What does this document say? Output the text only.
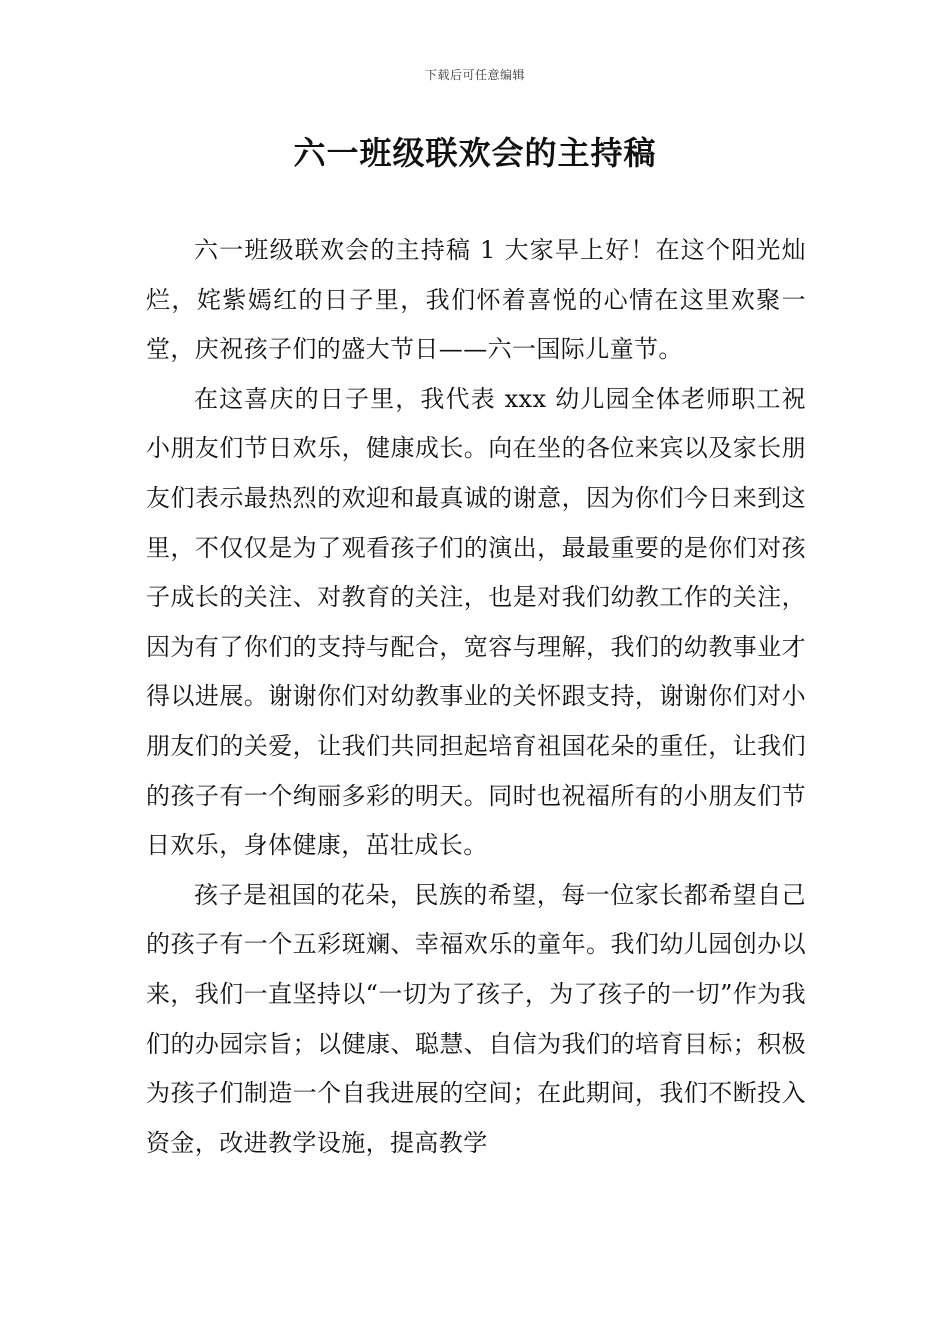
下载后可任意编辑
六一班级联欢会的主持稿

六一班级联欢会的主持稿 1 大家早上好！在这个阳光灿烂，姹紫嫣红的日子里，我们怀着喜悦的心情在这里欢聚一堂，庆祝孩子们的盛大节日——六一国际儿童节。

在这喜庆的日子里，我代表 xxx 幼儿园全体老师职工祝小朋友们节日欢乐，健康成长。向在坐的各位来宾以及家长朋友们表示最热烈的欢迎和最真诚的谢意，因为你们今日来到这里，不仅仅是为了观看孩子们的演出，最最重要的是你们对孩子成长的关注、对教育的关注，也是对我们幼教工作的关注，因为有了你们的支持与配合，宽容与理解，我们的幼教事业才得以进展。谢谢你们对幼教事业的关怀跟支持，谢谢你们对小朋友们的关爱，让我们共同担起培育祖国花朵的重任，让我们的孩子有一个绚丽多彩的明天。同时也祝福所有的小朋友们节日欢乐，身体健康，茁壮成长。

孩子是祖国的花朵，民族的希望，每一位家长都希望自己的孩子有一个五彩斑斓、幸福欢乐的童年。我们幼儿园创办以来，我们一直坚持以“一切为了孩子，为了孩子的一切”作为我们的办园宗旨；以健康、聪慧、自信为我们的培育目标；积极为孩子们制造一个自我进展的空间；在此期间，我们不断投入资金，改进教学设施，提高教学
